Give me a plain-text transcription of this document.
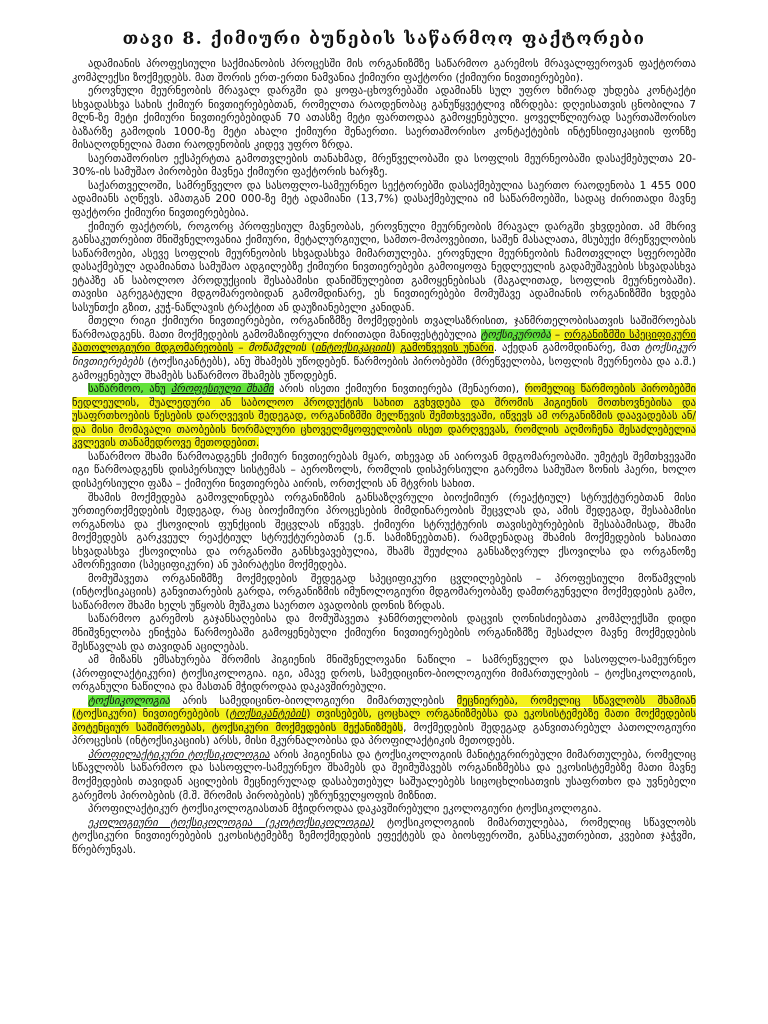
თავი 8. ქიმიური ბუნების საწარმოო ფაქტორები

ადამიანის პროფესიული საქმიანობის პროცესში მის ორგანიზმზე საწარმოო გარემოს მრავალფეროვან ფაქტორთა კომპლექსი ზოქმედებს. მათ შორის ერთ-ერთი ნამვანია ქიმიური ფაქტორი (ქიმიური ნივთიერებები).

ეროვნული მეურნეობის მრავალ დარგში და ყოფა-ცხოვრებაში ადამიანს სულ უფრო ხშირად უხდება კონტაქტი სხვადასხვა სახის ქიმიურ ნივთიერებებთან, რომელთა რაოდენობაც განუწყვეტლივ იზრდება: დღეისათვის ცნობილია 7 მლნ-ზე მეტი ქიმიური ნივთიერებებიდან 70 ათასზე მეტი ფართოდაა გამოყენებული. ყოველწლიურად საერთაშორისო ბაზარზე გამოდის 1000-ზე მეტი ახალი ქიმიური შენაერთი. საერთაშორისო კონტაქტების ინტენსიფიკაციის ფონზე მისაღოდნელია მათი რაოდენობის კიდევ უფრო ზრდა.

საერთაშორისო ექსპერტთა გამოთვლების თანახმად, მრეწველობაში და სოფლის მეურნეობაში დასაქმებულთა 20-30%-ის სამუშაო პირობები მავნეა ქიმიური ფაქტორის ხარჯზე.

საქართველოში, სამრეწველო და სასოფლო-სამეურნეო სექტორებში დასაქმებულია საერთო რაოდენობა 1 455 000 ადამიანს აღწევს. ამათგან 200 000-ზე მეტ ადამიანი (13,7%) დასაქმებულია იმ საწარმოებში, სადაც ძირითადი მავნე ფაქტორი ქიმიური ნივთიერებებია.

ქიმიურ ფაქტორს, როგორც პროფესიულ მავნეობას, ეროვნული მეურნეობის მრავალ დარგში ვხვდებით. ამ მხრივ განსაკუთრებით მნიშვნელოვანია ქიმიური, მეტალურგიული, სამთო-მოპოვებითი, საშენ მასალათა, მსუბუქი მრეწველობის საწარმოები, ასევე სოფლის მეურნეობის სხვადასხვა მიმართულება. ეროვნული მეურნეობის ჩამოთვლილ სფეროებში დასაქმებულ ადამიანთა სამუშაო ადგილებზე ქიმიური ნივთიერებები გამოიყოფა ნედლეულის გადამუშავების სხვადასხვა ეტაპზე ან საბოლოო პროდუქციის შესაბამისი დანიშნულებით გამოყენებისას (მაგალითად, სოფლის მეურნეობაში). თავისი აგრეგატული მდგომარეობიდან გამომდინარე, ეს ნივთიერებები მომუშავე ადამიანის ორგანიზმში ხვდება სასუნთქი გზით, კუჭ-ნაწლავის ტრაქტით ან დაუზიანებელი კანიდან.

მთელი რიგი ქიმიური ნივთიერებები, ორგანიზმზე მოქმედების თვალსაზრისით, ჯანმრთელობისათვის საშიშროებას წარმოადგენს. მათი მოქმედების გამომაზიფრული ძირითადი მანიფესტებულია ტოქსიკურობა – ორგანიზმში სპეციფიკური პათოლოგიური მდგომარეობის – მოწამვლის (ინტოქსიკაციის) გამოწვევის უნარი. აქედან გამომდინარე, მათ ტოქსიკურ ნივთიერებებს (ტოქსიკანტებს), ანუ შხამებს უწოდებენ. წარმოების პირობებში (მრეწველობა, სოფლის მეურნეობა და ა.შ.) გამოყენებულ შხამებს საწარმოო შხამებს უწოდებენ.

საწარმოო, ანუ პროფესიული შხამი არის ისეთი ქიმიური ნივთიერება (შენაერთი), რომელიც წარმოების პირობებში ნედლეულის, შუალედური ან საბოლოო პროდუქტის სახით გვხვდება და შრომის ჰიგიენის მოთხოვნებისა და უსაფრთხოების წესების დარღვევის შედეგად, ორგანიზმში მელწევის შემთხვევაში, იწვევს ამ ორგანიზმის დაავადებას ან/და მისი მომავალი თაობების ნორმალური ცხოველმყოფელობის ისეთ დარღვევას, რომლის აღმოჩენა შესაძლებელია კვლევის თანამედროვე მეთოდებით.

საწარმოო შხამი წარმოადგენს ქიმიურ ნივთიერებას მყარ, თხევად ან აიროვან მდგომარეობაში. უმეტეს შემთხვევაში იგი წარმოადგენს დისპერსიულ სისტემას – აეროზოლს, რომლის დისპერსიული გარემოა სამუშაო ზონის ჰაერი, ხოლო დისპერსიული ფაზა – ქიმიური ნივთიერება აირის, ორთქლის ან მტვრის სახით.

შხამის მოქმედება გამოვლინდება ორგანიზმის განსაზღვრული ბიოქიმიურ (რეაქტიულ) სტრუქტურებთან მისი ურთიერთქმედების შედეგად, რაც ბიოქიმიური პროცესების მიმდინარეობის შეცვლას და, ამის შედეგად, შესაბამისი ორგანოსა და ქსოვილის ფუნქციის შეცვლას იწვევს. ქიმიური სტრუქტურის თავისებურებების შესაბამისად, შხამი მოქმედებს გარკვეულ რეაქტიულ სტრუქტურებთან (ე.წ. სამიზნეებთან). რამდენადაც შხამის მოქმედების ხასიათი სხვადასხვა ქსოვილისა და ორგანოში განსხვავებულია, შხამს შეუძლია განსაზღვრულ ქსოვილსა და ორგანოზე ამორჩევითი (სპეციფიკური) ან უპირატესი მოქმედება.

მომუშავეთა ორგანიზმზე მოქმედების შედეგად სპეციფიკური ცვლილებების – პროფესიული მოწამვლის (ინტოქსიკაციის) განვითარების გარდა, ორგანიზმის იმუნოლოგიური მდგომარეობაზე დამთრგუნველი მოქმედების გამო, საწარმოო შხამი ხელს უწყობს მუშაკთა საერთო ავადობის დონის ზრდას.

საწარმოო გარემოს გაჯანსაღებისა და მომუშავეთა ჯანმრთელობის დაცვის ღონისძიებათა კომპლექსში დიდი მნიშვნელობა ენიჭება წარმოებაში გამოყენებული ქიმიური ნივთიერებების ორგანიზმზე შესაძლო მავნე მოქმედების შესწავლას და თავიდან აცილებას.

ამ მიზანს ემსახურება შრომის ჰიგიენის მნიშვნელოვანი ნაწილი – სამრეწველო და სასოფლო-სამეურნეო (პროფილაქტიკური) ტოქსიკოლოგია. იგი, ამავე დროს, სამედიცინო-ბიოლოგიური მიმართულების – ტოქსიკოლოგიის, ორგანული ნაწილია და მასთან მჭიდროდაა დაკავშირებული.

ტოქსიკოლოგია არის სამედიცინო-ბიოლოგიური მიმართულების მეცნიერება, რომელიც სწავლობს შხამიან (ტოქსიკური) ნივთიერებების (ტოქსიკანტების) თვისებებს, ცოცხალ ორგანიზმებსა და ეკოსისტემებზე მათი მოქმედების პოტენციურ საშიშროებას, ტოქსიკური მოქმედების მექანიზმებს, მოქმედების შედეგად განვითარებულ პათოლოგიური პროცესის (ინტოქსიკაციის) არსს, მისი მკურნალობისა და პროფილაქტიკის მეთოდებს.

პროფილაქტიკური ტოქსიკოლოგია არის ჰიგიენისა და ტოქსიკოლოგიის მანიტეგრირებული მიმართულება, რომელიც სწავლობს საწარმოო და სასოფლო-სამეურნეო შხამებს და შეიმუშავებს ორგანიზმებსა და ეკოსისტემებზე მათი მავნე მოქმედების თავიდან აცილების მეცნიერულად დასაბუთებულ საშუალებებს სიცოცხლისათვის უსაფრთხო და უვნებელი გარემოს პირობების (მ.შ. შრომის პირობების) უზრუნველყოფის მიზნით.

პროფილაქტიკურ ტოქსიკოლოგიასთან მჭიდროდაა დაკავშირებული ეკოლოგიური ტოქსიკოლოგია.

ეკოლოგიური ტოქსიკოლოგია (ეკოტოქსიკოლოგია) ტოქსიკოლოგიის მიმართულებაა, რომელიც სწავლობს ტოქსიკური ნივთიერებების ეკოსისტემებზე ზემოქმედების ეფექტებს და ბიოსფეროში, განსაკუთრებით, კვებით ჯაჭვში, წრებრუნვას.
